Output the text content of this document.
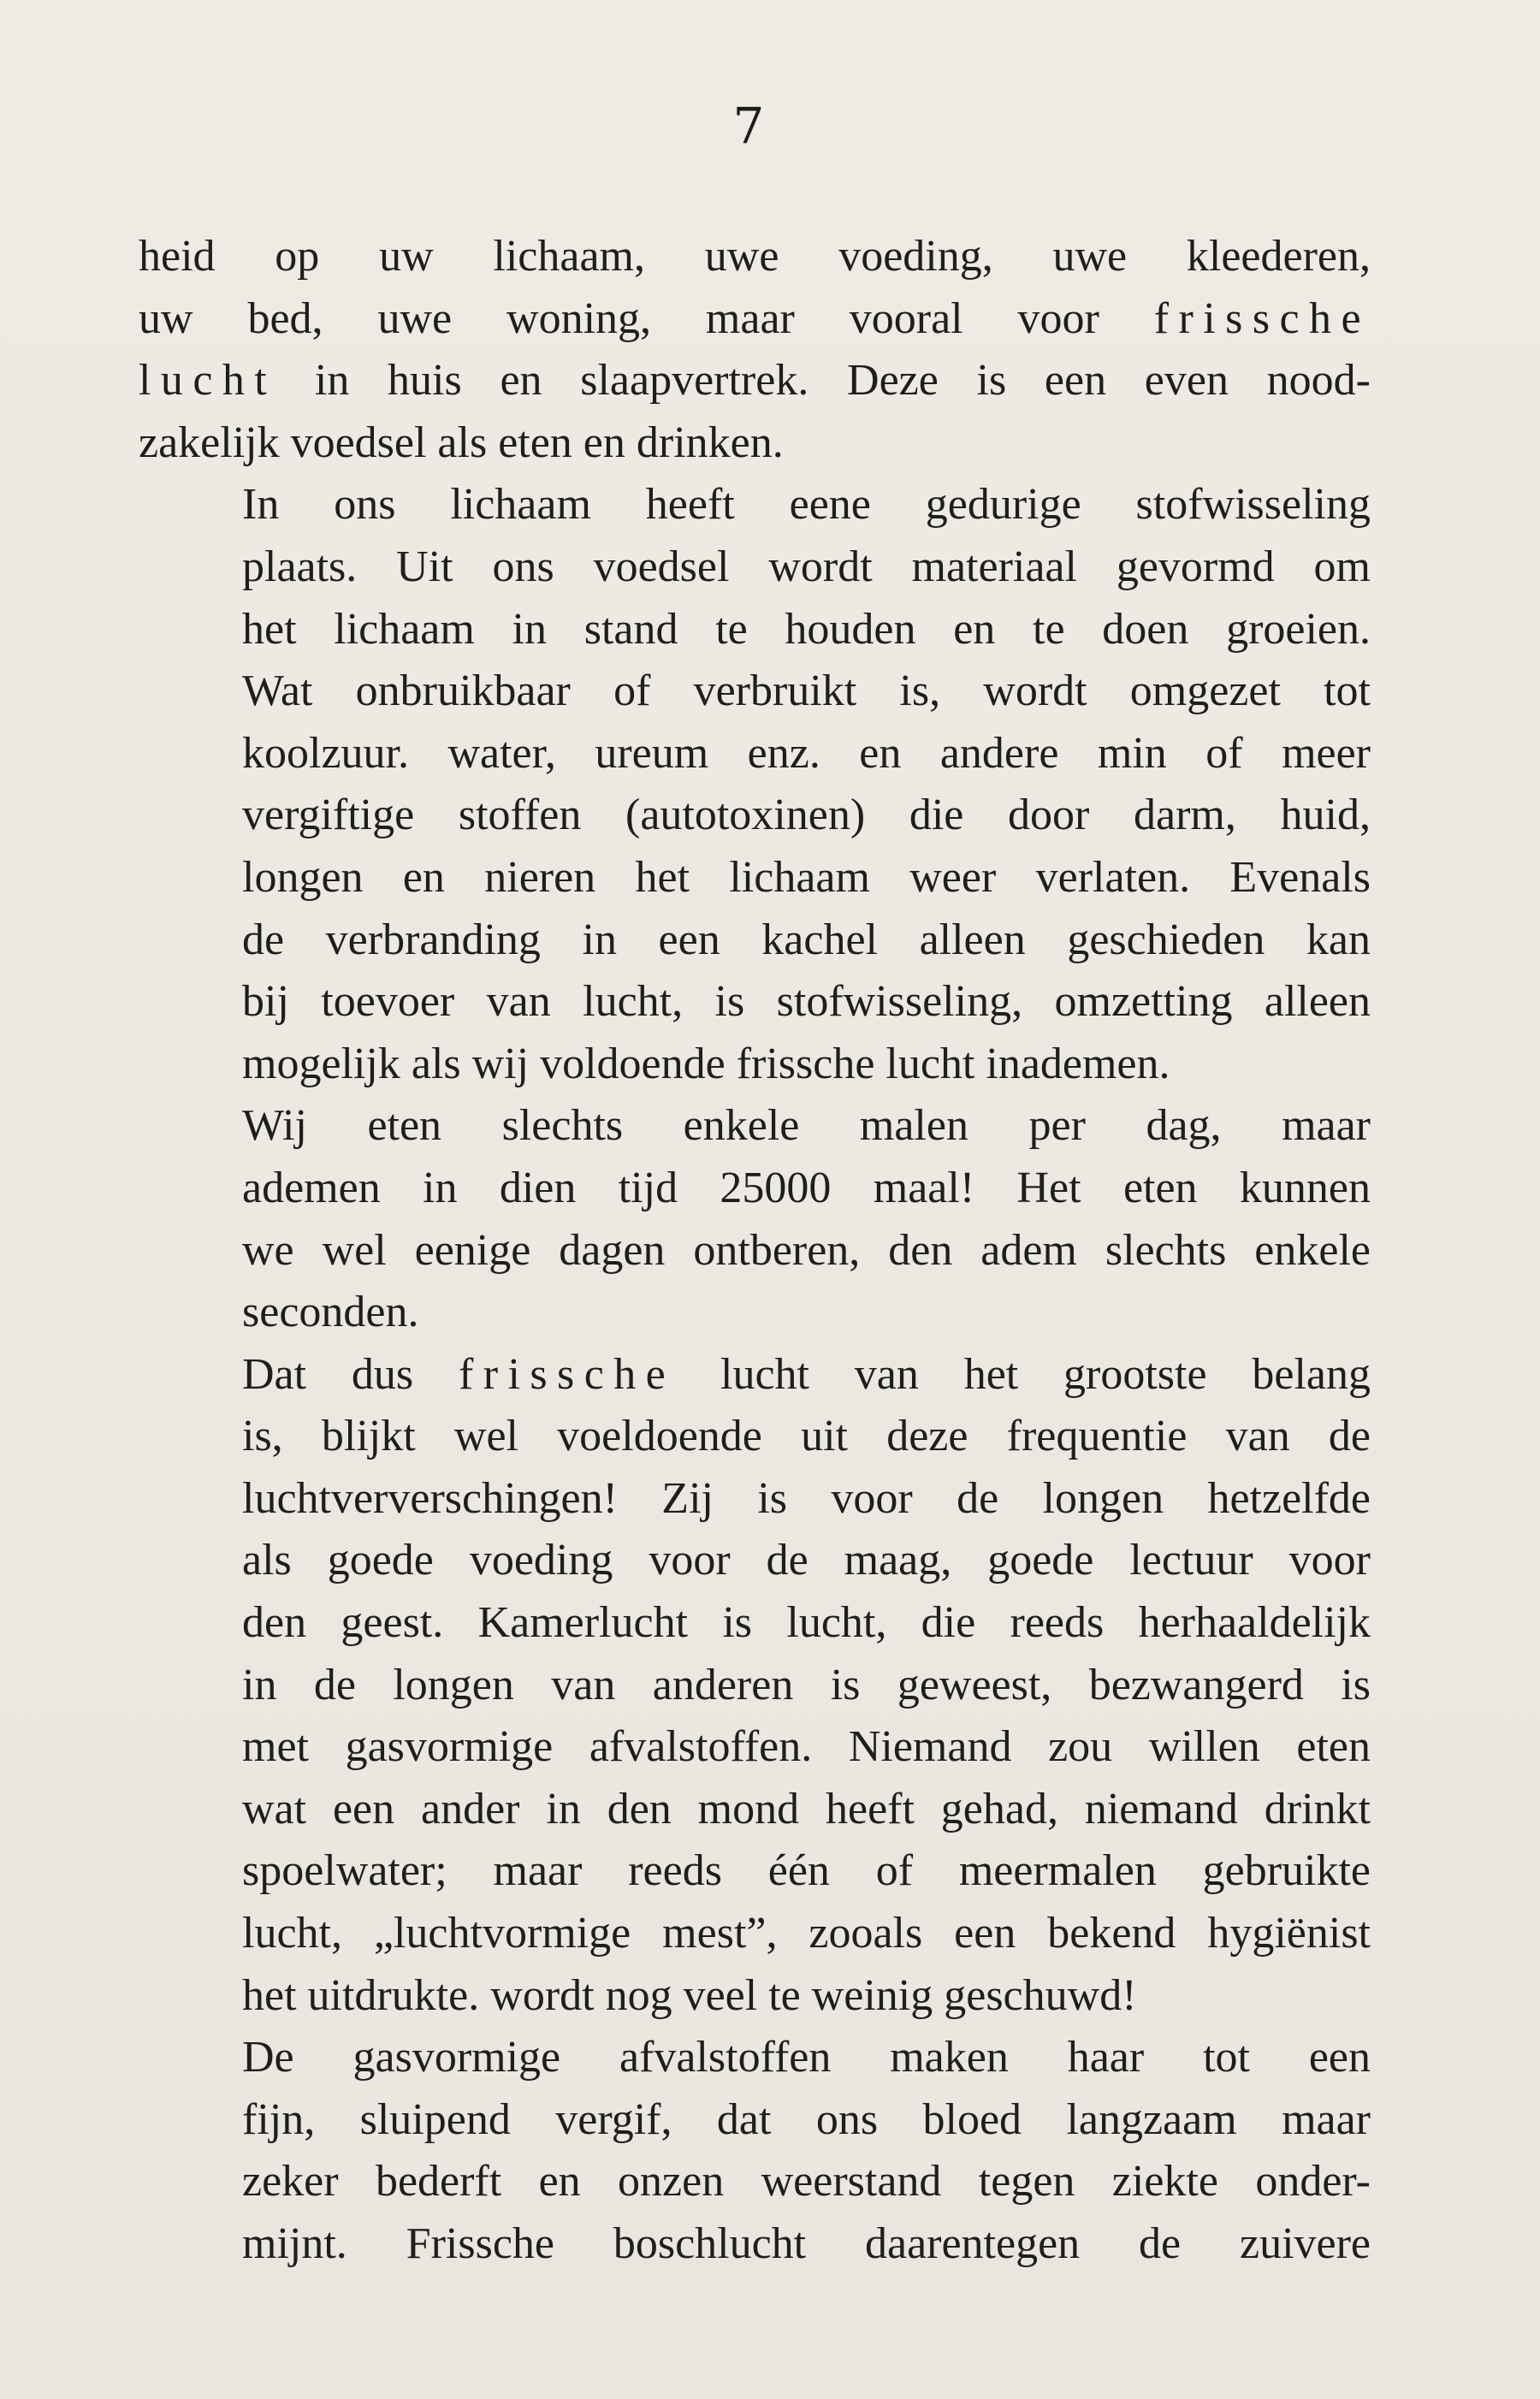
7
heid op uw lichaam, uwe voeding, uwe kleederen,
uw bed, uwe woning, maar vooral voor frissche
lucht in huis en slaapvertrek. Deze is een even nood-
zakelijk voedsel als eten en drinken.
In ons lichaam heeft eene gedurige stofwisseling
plaats. Uit ons voedsel wordt materiaal gevormd om
het lichaam in stand te houden en te doen groeien.
Wat onbruikbaar of verbruikt is, wordt omgezet tot
koolzuur. water, ureum enz. en andere min of meer
vergiftige stoffen (autotoxinen) die door darm, huid,
longen en nieren het lichaam weer verlaten. Evenals
de verbranding in een kachel alleen geschieden kan
bij toevoer van lucht, is stofwisseling, omzetting alleen
mogelijk als wij voldoende frissche lucht inademen.
Wij eten slechts enkele malen per dag, maar
ademen in dien tijd 25000 maal! Het eten kunnen
we wel eenige dagen ontberen, den adem slechts enkele
seconden.
Dat dus frissche lucht van het grootste belang
is, blijkt wel voeldoende uit deze frequentie van de
luchtververschingen! Zij is voor de longen hetzelfde
als goede voeding voor de maag, goede lectuur voor
den geest. Kamerlucht is lucht, die reeds herhaaldelijk
in de longen van anderen is geweest, bezwangerd is
met gasvormige afvalstoffen. Niemand zou willen eten
wat een ander in den mond heeft gehad, niemand drinkt
spoelwater; maar reeds één of meermalen gebruikte
lucht, „luchtvormige mest”, zooals een bekend hygiënist
het uitdrukte. wordt nog veel te weinig geschuwd!
De gasvormige afvalstoffen maken haar tot een
fijn, sluipend vergif, dat ons bloed langzaam maar
zeker bederft en onzen weerstand tegen ziekte onder-
mijnt. Frissche boschlucht daarentegen de zuivere
